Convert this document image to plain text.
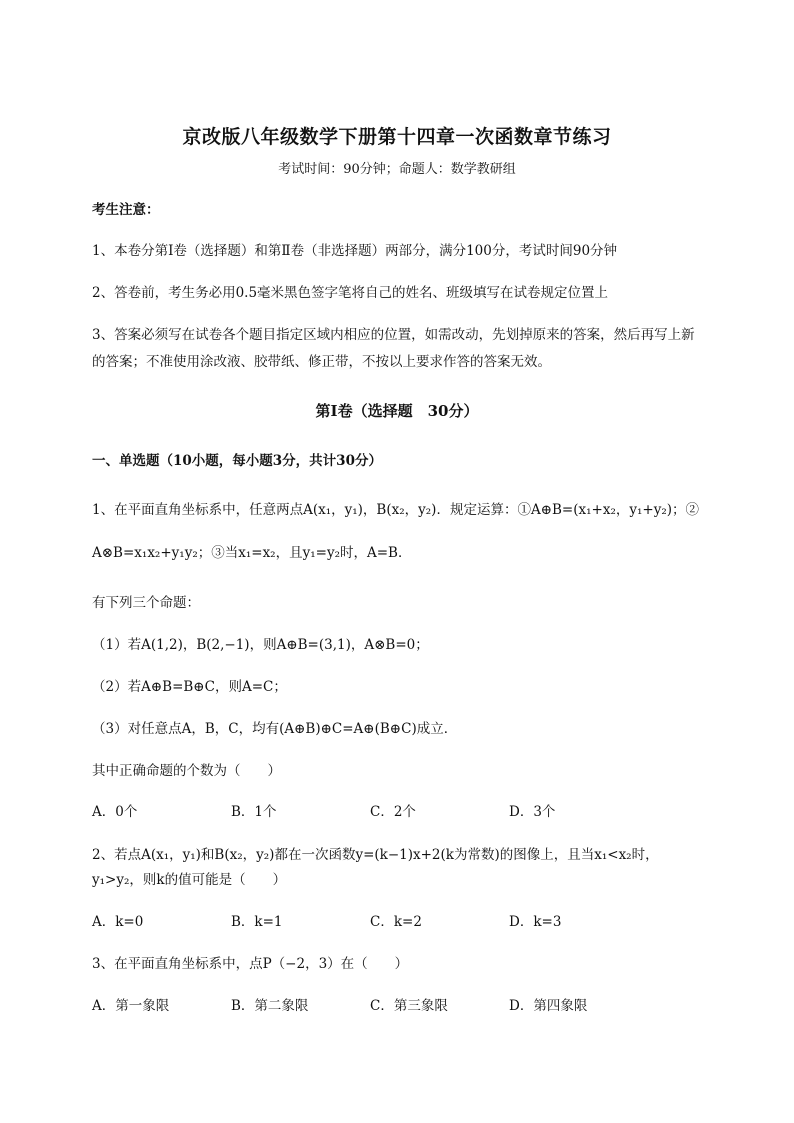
京改版八年级数学下册第十四章一次函数章节练习
考试时间：90分钟；命题人：数学教研组
考生注意：
1、本卷分第I卷（选择题）和第Ⅱ卷（非选择题）两部分，满分100分，考试时间90分钟
2、答卷前，考生务必用0.5毫米黑色签字笔将自己的姓名、班级填写在试卷规定位置上
3、答案必须写在试卷各个题目指定区域内相应的位置，如需改动，先划掉原来的答案，然后再写上新
的答案；不准使用涂改液、胶带纸、修正带，不按以上要求作答的答案无效。
第I卷（选择题　30分）
一、单选题（10小题，每小题3分，共计30分）
1、在平面直角坐标系中，任意两点A(x₁，y₁)，B(x₂，y₂)．规定运算：①A⊕B=(x₁+x₂，y₁+y₂)；②
A⊗B=x₁x₂+y₁y₂；③当x₁=x₂，且y₁=y₂时，A=B．
有下列三个命题：
（1）若A(1,2)，B(2,−1)，则A⊕B=(3,1)，A⊗B=0；
（2）若A⊕B=B⊕C，则A=C；
（3）对任意点A，B，C，均有(A⊕B)⊕C=A⊕(B⊕C)成立．
其中正确命题的个数为（　　）
A．0个	B．1个	C．2个	D．3个
2、若点A(x₁，y₁)和B(x₂，y₂)都在一次函数y=(k−1)x+2(k为常数)的图像上，且当x₁<x₂时，
y₁>y₂，则k的值可能是（　　）
A．k=0	B．k=1	C．k=2	D．k=3
3、在平面直角坐标系中，点P（−2，3）在（　　）
A．第一象限	B．第二象限	C．第三象限	D．第四象限
